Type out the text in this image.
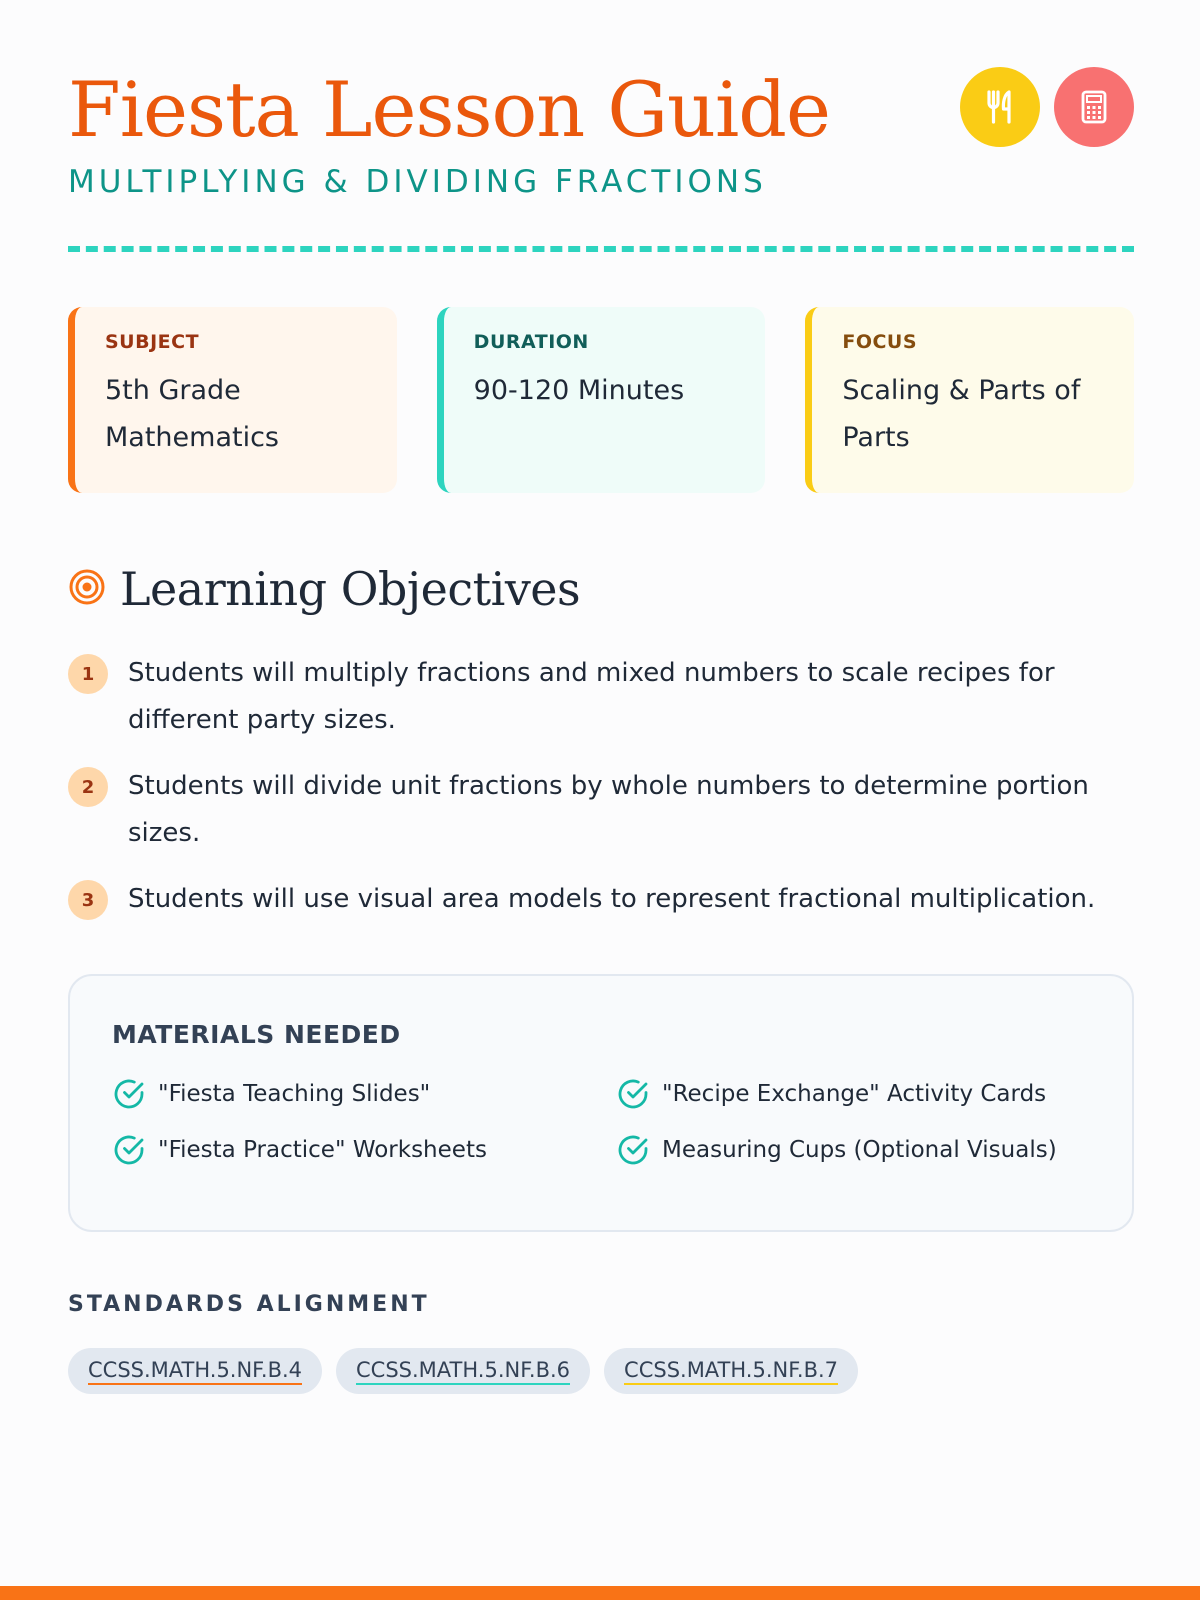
Fiesta Lesson Guide
MULTIPLYING & DIVIDING FRACTIONS
SUBJECT
5th Grade Mathematics
DURATION
90-120 Minutes
FOCUS
Scaling & Parts of Parts
Learning Objectives
1	Students will multiply fractions and mixed numbers to scale recipes for different party sizes.
2	Students will divide unit fractions by whole numbers to determine portion sizes.
3	Students will use visual area models to represent fractional multiplication.
MATERIALS NEEDED
"Fiesta Teaching Slides"	"Recipe Exchange" Activity Cards
"Fiesta Practice" Worksheets	Measuring Cups (Optional Visuals)
STANDARDS ALIGNMENT
CCSS.MATH.5.NF.B.4	CCSS.MATH.5.NF.B.6	CCSS.MATH.5.NF.B.7
